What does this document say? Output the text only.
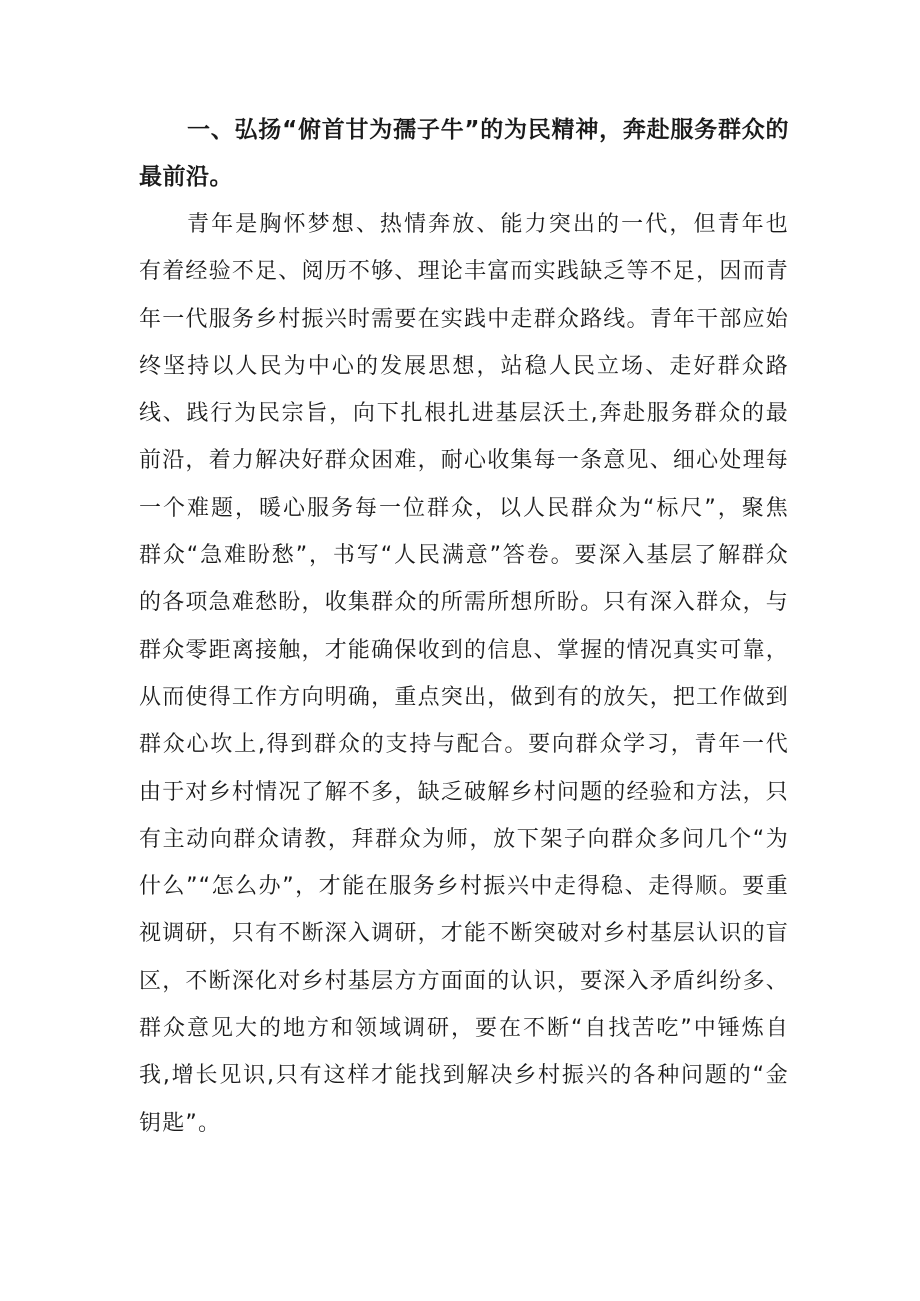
一、弘扬“俯首甘为孺子牛”的为民精神，奔赴服务群众的最前沿。

青年是胸怀梦想、热情奔放、能力突出的一代，但青年也有着经验不足、阅历不够、理论丰富而实践缺乏等不足，因而青年一代服务乡村振兴时需要在实践中走群众路线。青年干部应始终坚持以人民为中心的发展思想，站稳人民立场、走好群众路线、践行为民宗旨，向下扎根扎进基层沃土,奔赴服务群众的最前沿，着力解决好群众困难，耐心收集每一条意见、细心处理每一个难题，暖心服务每一位群众，以人民群众为“标尺”，聚焦群众“急难盼愁”，书写“人民满意”答卷。要深入基层了解群众的各项急难愁盼，收集群众的所需所想所盼。只有深入群众，与群众零距离接触，才能确保收到的信息、掌握的情况真实可靠，从而使得工作方向明确，重点突出，做到有的放矢，把工作做到群众心坎上,得到群众的支持与配合。要向群众学习，青年一代由于对乡村情况了解不多，缺乏破解乡村问题的经验和方法，只有主动向群众请教，拜群众为师，放下架子向群众多问几个“为什么”“怎么办”，才能在服务乡村振兴中走得稳、走得顺。要重视调研，只有不断深入调研，才能不断突破对乡村基层认识的盲区，不断深化对乡村基层方方面面的认识，要深入矛盾纠纷多、群众意见大的地方和领域调研，要在不断“自找苦吃”中锤炼自我,增长见识,只有这样才能找到解决乡村振兴的各种问题的“金钥匙”。
